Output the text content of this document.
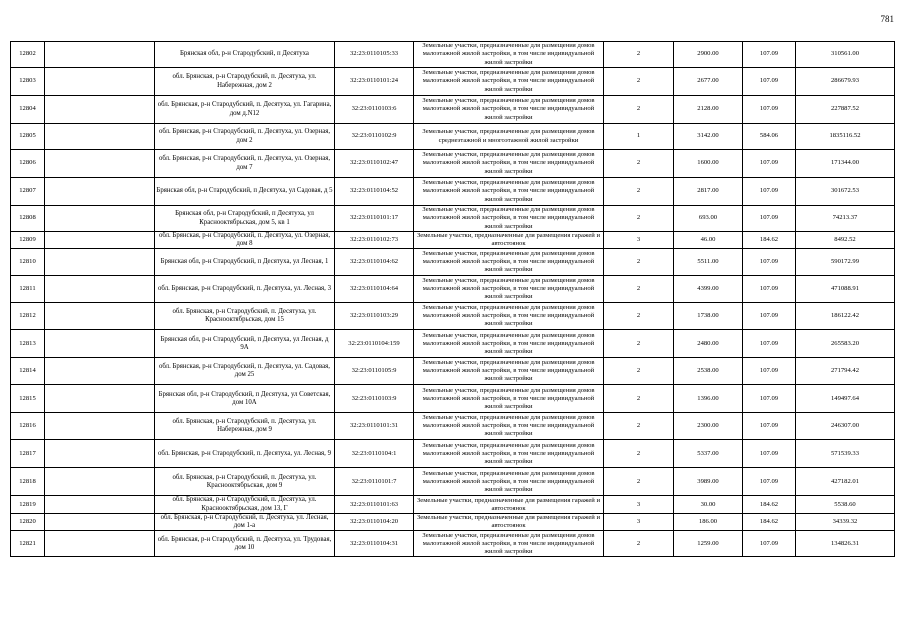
781
12802		Брянская обл, р-н Стародубский, п Десятуха	32:23:0110105:33	Земельные участки, предназначенные для размещения домов малоэтажной жилой застройки, в том числе индивидуальной жилой застройки	2	2900.00	107.09	310561.00
12803		обл. Брянская, р-н Стародубский, п. Десятуха, ул. Набережная, дом 2	32:23:0110101:24	Земельные участки, предназначенные для размещения домов малоэтажной жилой застройки, в том числе индивидуальной жилой застройки	2	2677.00	107.09	286679.93
12804		обл. Брянская, р-н Стародубский, п. Десятуха, ул. Гагарина, дом д.N12	32:23:0110103:6	Земельные участки, предназначенные для размещения домов малоэтажной жилой застройки, в том числе индивидуальной жилой застройки	2	2128.00	107.09	227887.52
12805		обл. Брянская, р-н Стародубский, п. Десятуха, ул. Озерная, дом 2	32:23:0110102:9	Земельные участки, предназначенные для размещения домов среднеэтажной и многоэтажной жилой застройки	1	3142.00	584.06	1835116.52
12806		обл. Брянская, р-н Стародубский, п. Десятуха, ул. Озерная, дом 7	32:23:0110102:47	Земельные участки, предназначенные для размещения домов малоэтажной жилой застройки, в том числе индивидуальной жилой застройки	2	1600.00	107.09	171344.00
12807		Брянская обл, р-н Стародубский, п Десятуха, ул Садовая, д 5	32:23:0110104:52	Земельные участки, предназначенные для размещения домов малоэтажной жилой застройки, в том числе индивидуальной жилой застройки	2	2817.00	107.09	301672.53
12808		Брянская обл, р-н Стародубский, п Десятуха, ул Красноoктябрьская, дом 5, кв 1	32:23:0110101:17	Земельные участки, предназначенные для размещения домов малоэтажной жилой застройки, в том числе индивидуальной жилой застройки	2	693.00	107.09	74213.37
12809		обл. Брянская, р-н Стародубский, п. Десятуха, ул. Озерная, дом 8	32:23:0110102:73	Земельные участки, предназначенные для размещения гаражей и автостоянок	3	46.00	184.62	8492.52
12810		Брянская обл, р-н Стародубский, п Десятуха, ул Лесная, 1	32:23:0110104:62	Земельные участки, предназначенные для размещения домов малоэтажной жилой застройки, в том числе индивидуальной жилой застройки	2	5511.00	107.09	590172.99
12811		обл. Брянская, р-н Стародубский, п. Десятуха, ул. Лесная, 3	32:23:0110104:64	Земельные участки, предназначенные для размещения домов малоэтажной жилой застройки, в том числе индивидуальной жилой застройки	2	4399.00	107.09	471088.91
12812		обл. Брянская, р-н Стародубский, п. Десятуха, ул. Красноoктябрьская, дом 15	32:23:0110103:29	Земельные участки, предназначенные для размещения домов малоэтажной жилой застройки, в том числе индивидуальной жилой застройки	2	1738.00	107.09	186122.42
12813		Брянская обл, р-н Стародубский, п Десятуха, ул Лесная, д 9А	32:23:0110104:159	Земельные участки, предназначенные для размещения домов малоэтажной жилой застройки, в том числе индивидуальной жилой застройки	2	2480.00	107.09	265583.20
12814		обл. Брянская, р-н Стародубский, п. Десятуха, ул. Садовая, дом 25	32:23:0110105:9	Земельные участки, предназначенные для размещения домов малоэтажной жилой застройки, в том числе индивидуальной жилой застройки	2	2538.00	107.09	271794.42
12815		Брянская обл, р-н Стародубский, п Десятуха, ул Советская, дом 10А	32:23:0110103:9	Земельные участки, предназначенные для размещения домов малоэтажной жилой застройки, в том числе индивидуальной жилой застройки	2	1396.00	107.09	149497.64
12816		обл. Брянская, р-н Стародубский, п. Десятуха, ул. Набережная, дом 9	32:23:0110101:31	Земельные участки, предназначенные для размещения домов малоэтажной жилой застройки, в том числе индивидуальной жилой застройки	2	2300.00	107.09	246307.00
12817		обл. Брянская, р-н Стародубский, п. Десятуха, ул. Лесная, 9	32:23:0110104:1	Земельные участки, предназначенные для размещения домов малоэтажной жилой застройки, в том числе индивидуальной жилой застройки	2	5337.00	107.09	571539.33
12818		обл. Брянская, р-н Стародубский, п. Десятуха, ул. Красноoктябрьская, дом 9	32:23:0110101:7	Земельные участки, предназначенные для размещения домов малоэтажной жилой застройки, в том числе индивидуальной жилой застройки	2	3989.00	107.09	427182.01
12819		обл. Брянская, р-н Стародубский, п. Десятуха, ул. Красноoктябрьская, дом 13, Г	32:23:0110101:63	Земельные участки, предназначенные для размещения гаражей и автостоянок	3	30.00	184.62	5538.60
12820		обл. Брянская, р-н Стародубский, п. Десятуха, ул. Лесная, дом 1-а	32:23:0110104:20	Земельные участки, предназначенные для размещения гаражей и автостоянок	3	186.00	184.62	34339.32
12821		обл. Брянская, р-н Стародубский, п. Десятуха, ул. Трудовая, дом 10	32:23:0110104:31	Земельные участки, предназначенные для размещения домов малоэтажной жилой застройки, в том числе индивидуальной жилой застройки	2	1259.00	107.09	134826.31
